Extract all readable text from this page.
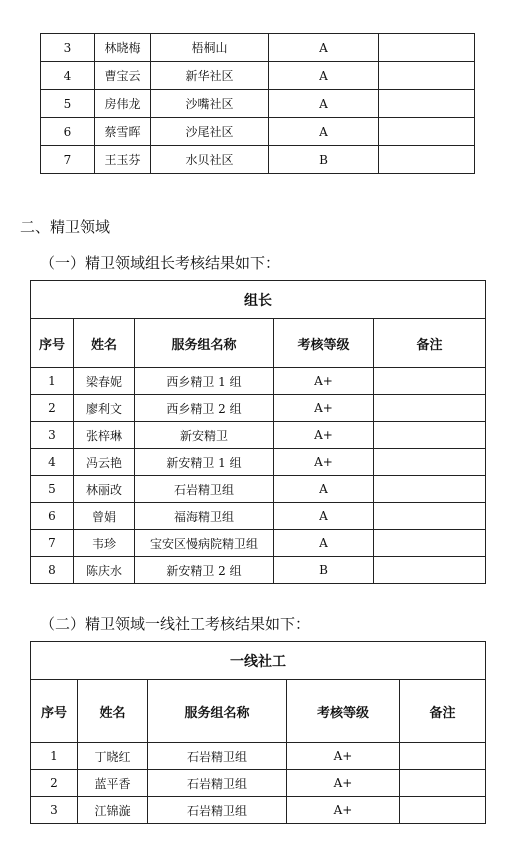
3	林晓梅	梧桐山	A	
4	曹宝云	新华社区	A	
5	房伟龙	沙嘴社区	A	
6	蔡雪晖	沙尾社区	A	
7	王玉芬	水贝社区	B	
二、精卫领域
（一）精卫领域组长考核结果如下：
组长				
序号	姓名	服务组名称	考核等级	备注
1	梁春妮	西乡精卫 1 组	A+	
2	廖利文	西乡精卫 2 组	A+	
3	张梓琳	新安精卫	A+	
4	冯云艳	新安精卫 1 组	A+	
5	林丽改	石岩精卫组	A	
6	曾娟	福海精卫组	A	
7	韦珍	宝安区慢病院精卫组	A	
8	陈庆水	新安精卫 2 组	B	
（二）精卫领域一线社工考核结果如下：
一线社工				
序号	姓名	服务组名称	考核等级	备注
1	丁晓红	石岩精卫组	A+	
2	蓝平香	石岩精卫组	A+	
3	江锦漩	石岩精卫组	A+	
